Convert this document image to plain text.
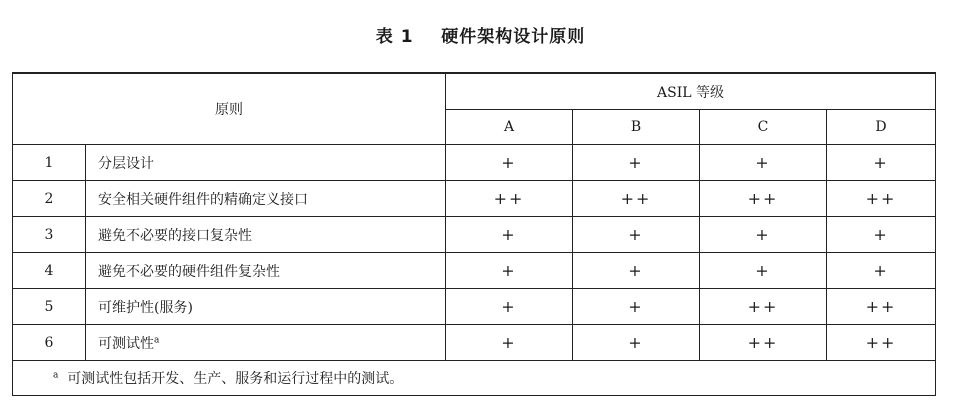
表 1    硬件架构设计原则
原则		ASIL 等级			
		A	B	C	D
1	分层设计	+	+	+	+
2	安全相关硬件组件的精确定义接口	++	++	++	++
3	避免不必要的接口复杂性	+	+	+	+
4	避免不必要的硬件组件复杂性	+	+	+	+
5	可维护性(服务)	+	+	++	++
6	可测试性$^a$	+	+	++	++
$^a$ 可测试性包括开发、生产、服务和运行过程中的测试。					
